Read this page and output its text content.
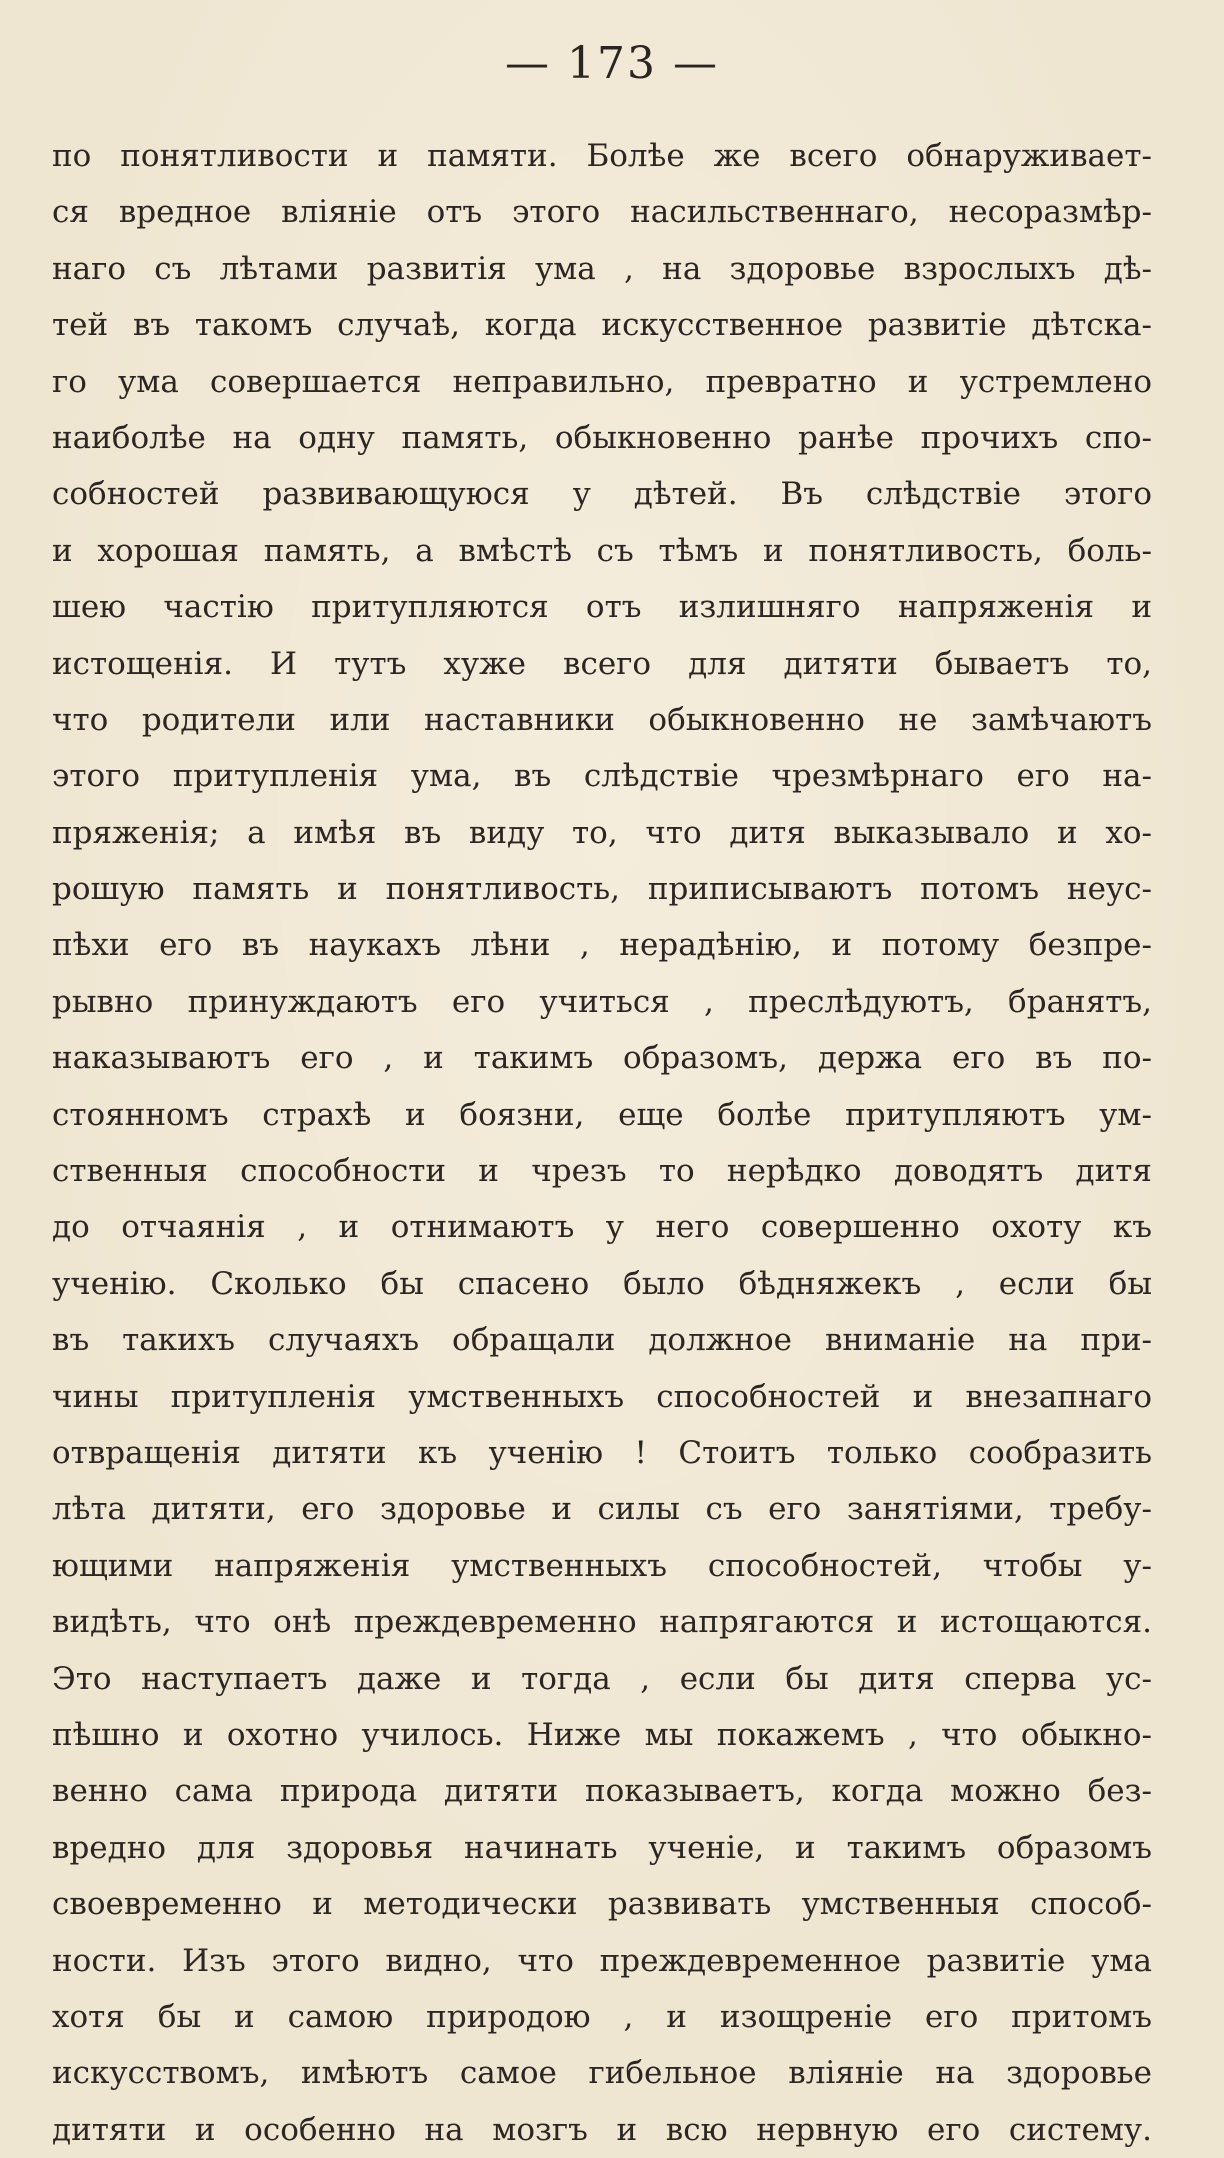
— 173 —
по понятливости и памяти. Болѣе же всего обнаруживает-
ся вредное вліяніе отъ этого насильственнаго, несоразмѣр-
наго съ лѣтами развитія ума , на здоровье взрослыхъ дѣ-
тей въ такомъ случаѣ, когда искусственное развитіе дѣтска-
го ума совершается неправильно, превратно и устремлено
наиболѣе на одну память, обыкновенно ранѣе прочихъ спо-
собностей развивающуюся у дѣтей. Въ слѣдствіе этого
и хорошая память, а вмѣстѣ съ тѣмъ и понятливость, боль-
шею частію притупляются отъ излишняго напряженія и
истощенія. И тутъ хуже всего для дитяти бываетъ то,
что родители или наставники обыкновенно не замѣчаютъ
этого притупленія ума, въ слѣдствіе чрезмѣрнаго его на-
пряженія; а имѣя въ виду то, что дитя выказывало и хо-
рошую память и понятливость, приписываютъ потомъ неус-
пѣхи его въ наукахъ лѣни , нерадѣнію, и потому безпре-
рывно принуждаютъ его учиться , преслѣдуютъ, бранятъ,
наказываютъ его , и такимъ образомъ, держа его въ по-
стоянномъ страхѣ и боязни, еще болѣе притупляютъ ум-
ственныя способности и чрезъ то нерѣдко доводятъ дитя
до отчаянія , и отнимаютъ у него совершенно охоту къ
ученію. Сколько бы спасено было бѣдняжекъ , если бы
въ такихъ случаяхъ обращали должное вниманіе на при-
чины притупленія умственныхъ способностей и внезапнаго
отвращенія дитяти къ ученію ! Стоитъ только сообразить
лѣта дитяти, его здоровье и силы съ его занятіями, требу-
ющими напряженія умственныхъ способностей, чтобы у-
видѣть, что онѣ преждевременно напрягаются и истощаются.
Это наступаетъ даже и тогда , если бы дитя сперва ус-
пѣшно и охотно училось. Ниже мы покажемъ , что обыкно-
венно сама природа дитяти показываетъ, когда можно без-
вредно для здоровья начинать ученіе, и такимъ образомъ
своевременно и методически развивать умственныя способ-
ности. Изъ этого видно, что преждевременное развитіе ума
хотя бы и самою природою , и изощреніе его притомъ
искусствомъ, имѣютъ самое гибельное вліяніе на здоровье
дитяти и особенно на мозгъ и всю нервную его систему.
